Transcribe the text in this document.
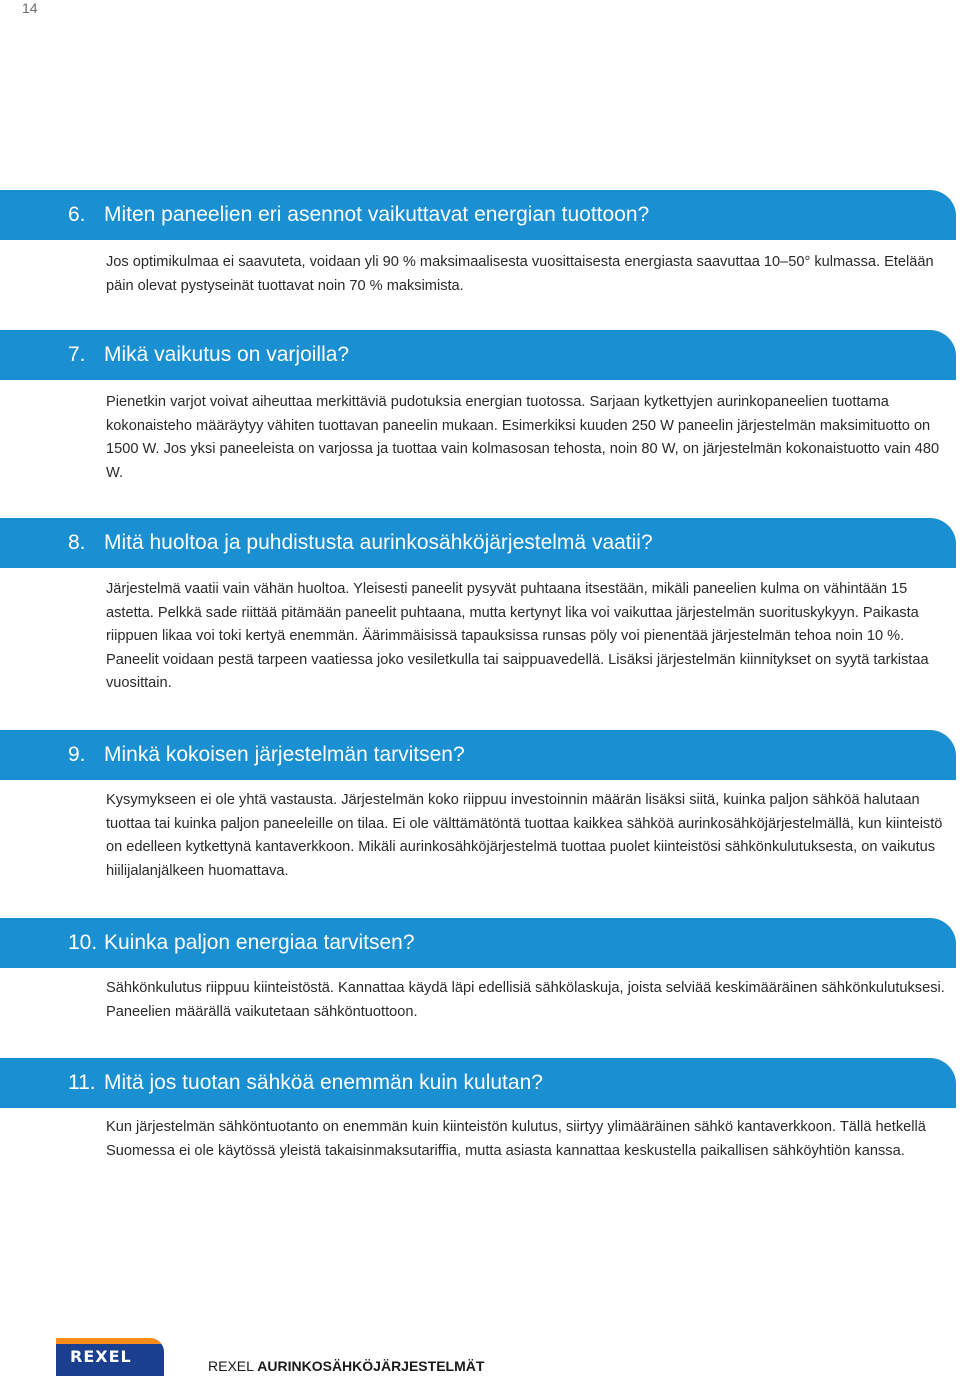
14
6. Miten paneelien eri asennot vaikuttavat energian tuottoon?

Jos optimikulmaa ei saavuteta, voidaan yli 90 % maksimaalisesta vuosittaisesta energiasta saavuttaa 10–50° kulmassa. Etelään päin olevat pystyseinät tuottavat noin 70 % maksimista.

7. Mikä vaikutus on varjoilla?

Pienetkin varjot voivat aiheuttaa merkittäviä pudotuksia energian tuotossa. Sarjaan kytkettyjen aurinkopaneelien tuottama kokonaisteho määräytyy vähiten tuottavan paneelin mukaan. Esimerkiksi kuuden 250 W paneelin järjestelmän maksimituotto on 1500 W. Jos yksi paneeleista on varjossa ja tuottaa vain kolmasosan tehosta, noin 80 W, on järjestelmän kokonaistuotto vain 480 W.

8. Mitä huoltoa ja puhdistusta aurinkosähköjärjestelmä vaatii?

Järjestelmä vaatii vain vähän huoltoa. Yleisesti paneelit pysyvät puhtaana itsestään, mikäli paneelien kulma on vähintään 15 astetta. Pelkkä sade riittää pitämään paneelit puhtaana, mutta kertynyt lika voi vaikuttaa järjestelmän suorituskykyyn. Paikasta riippuen likaa voi toki kertyä enemmän. Äärimmäisissä tapauksissa runsas pöly voi pienentää järjestelmän tehoa noin 10 %. Paneelit voidaan pestä tarpeen vaatiessa joko vesiletkulla tai saippuavedellä. Lisäksi järjestelmän kiinnitykset on syytä tarkistaa vuosittain.

9. Minkä kokoisen järjestelmän tarvitsen?

Kysymykseen ei ole yhtä vastausta. Järjestelmän koko riippuu investoinnin määrän lisäksi siitä, kuinka paljon sähköä halutaan tuottaa tai kuinka paljon paneeleille on tilaa. Ei ole välttämätöntä tuottaa kaikkea sähköä aurinkosähköjärjestelmällä, kun kiinteistö on edelleen kytkettynä kantaverkkoon. Mikäli aurinkosähköjärjestelmä tuottaa puolet kiinteistösi sähkönkulutuksesta, on vaikutus hiilijalanjälkeen huomattava.

10. Kuinka paljon energiaa tarvitsen?

Sähkönkulutus riippuu kiinteistöstä. Kannattaa käydä läpi edellisiä sähkölaskuja, joista selviää keskimääräinen sähkönkulutuksesi. Paneelien määrällä vaikutetaan sähköntuottoon.

11. Mitä jos tuotan sähköä enemmän kuin kulutan?

Kun järjestelmän sähköntuotanto on enemmän kuin kiinteistön kulutus, siirtyy ylimääräinen sähkö kantaverkkoon. Tällä hetkellä Suomessa ei ole käytössä yleistä takaisinmaksutariffia, mutta asiasta kannattaa keskustella paikallisen sähköyhtiön kanssa.

REXEL	REXEL AURINKOSÄHKÖJÄRJESTELMÄT
